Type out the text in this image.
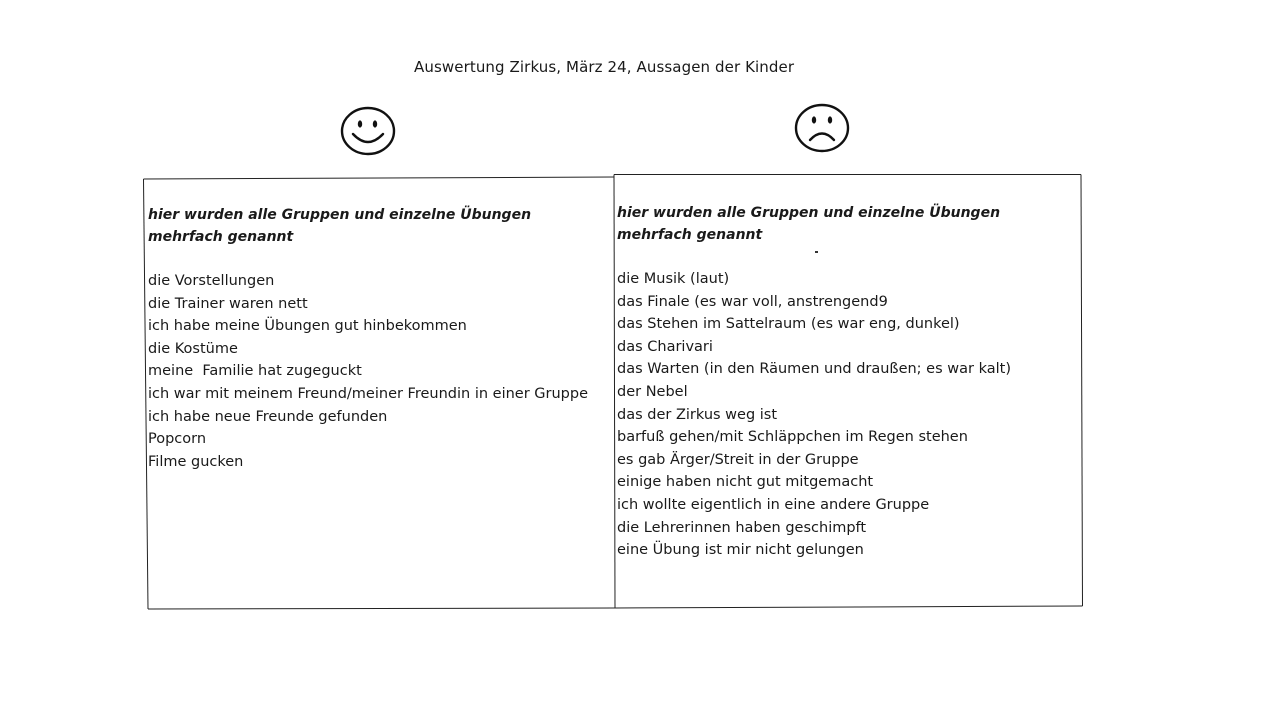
Auswertung Zirkus, März 24, Aussagen der Kinder
hier wurden alle Gruppen und einzelne Übungen mehrfach genannt
die Vorstellungen
die Trainer waren nett
ich habe meine Übungen gut hinbekommen
die Kostüme
meine  Familie hat zugeguckt
ich war mit meinem Freund/meiner Freundin in einer Gruppe
ich habe neue Freunde gefunden
Popcorn
Filme gucken
hier wurden alle Gruppen und einzelne Übungen mehrfach genannt
die Musik (laut)
das Finale (es war voll, anstrengend9
das Stehen im Sattelraum (es war eng, dunkel)
das Charivari
das Warten (in den Räumen und draußen; es war kalt)
der Nebel
das der Zirkus weg ist
barfuß gehen/mit Schläppchen im Regen stehen
es gab Ärger/Streit in der Gruppe
einige haben nicht gut mitgemacht
ich wollte eigentlich in eine andere Gruppe
die Lehrerinnen haben geschimpft
eine Übung ist mir nicht gelungen
